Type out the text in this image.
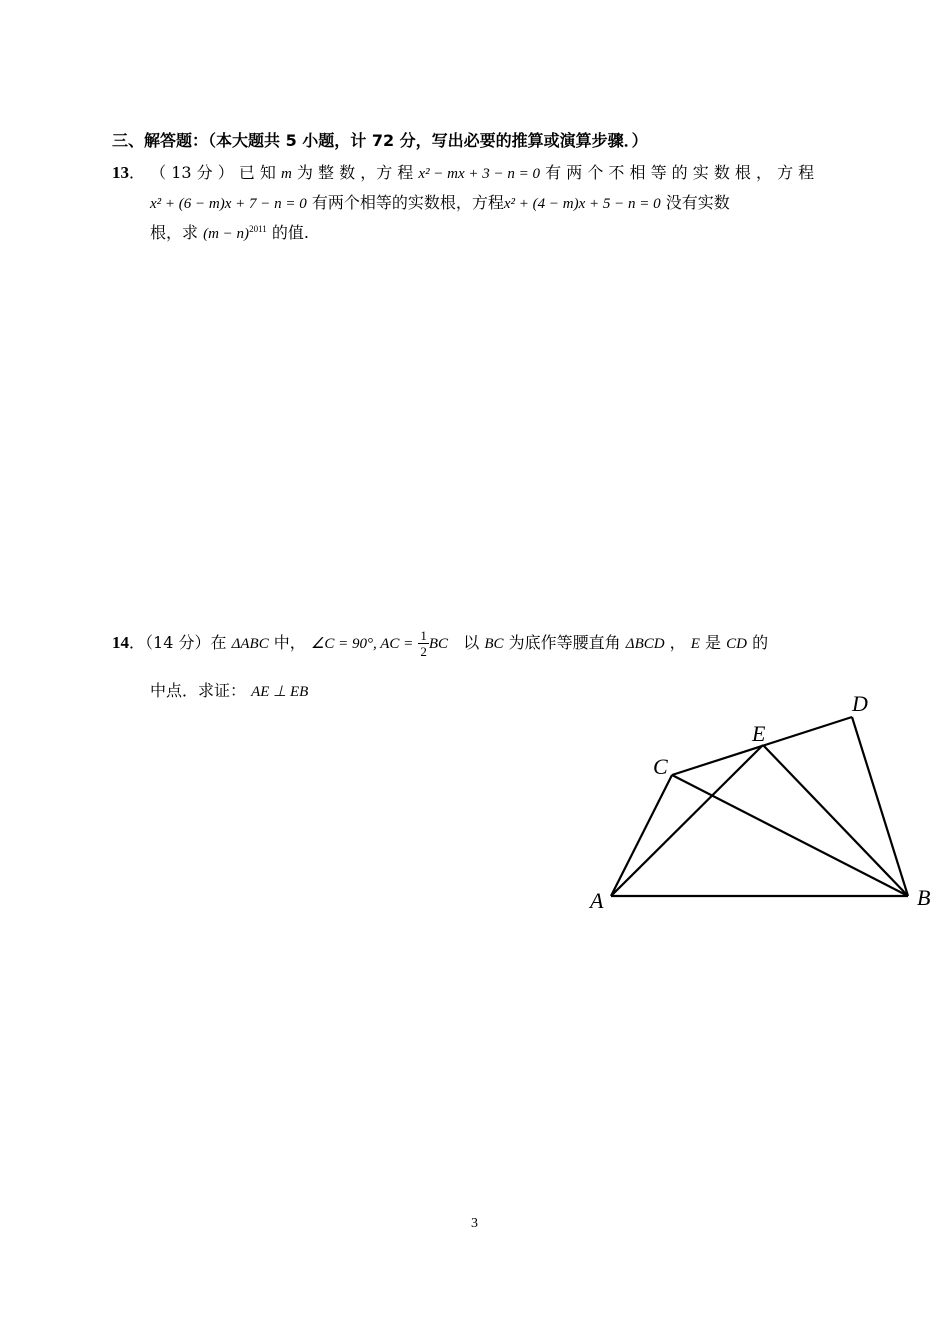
三、解答题：（本大题共 5 小题，计 72 分，写出必要的推算或演算步骤．）
13． （ 13 分 ） 已 知 m 为 整 数 ，方 程 x² − mx + 3 − n = 0 有 两 个 不 相 等 的 实 数 根 ， 方 程
x² + (6 − m)x + 7 − n = 0 有两个相等的实数根，方程x² + (4 − m)x + 5 − n = 0 没有实数
根，求 $(m - n)^{2011}$ 的值.
14．（14 分）在 ΔABC 中， ∠C = 90°, AC = $\frac{1}{2}$ BC 以 BC 为底作等腰直角 ΔBCD ， E 是 CD 的
中点．求证： AE ⊥ EB
A	B
C
D
E
3
